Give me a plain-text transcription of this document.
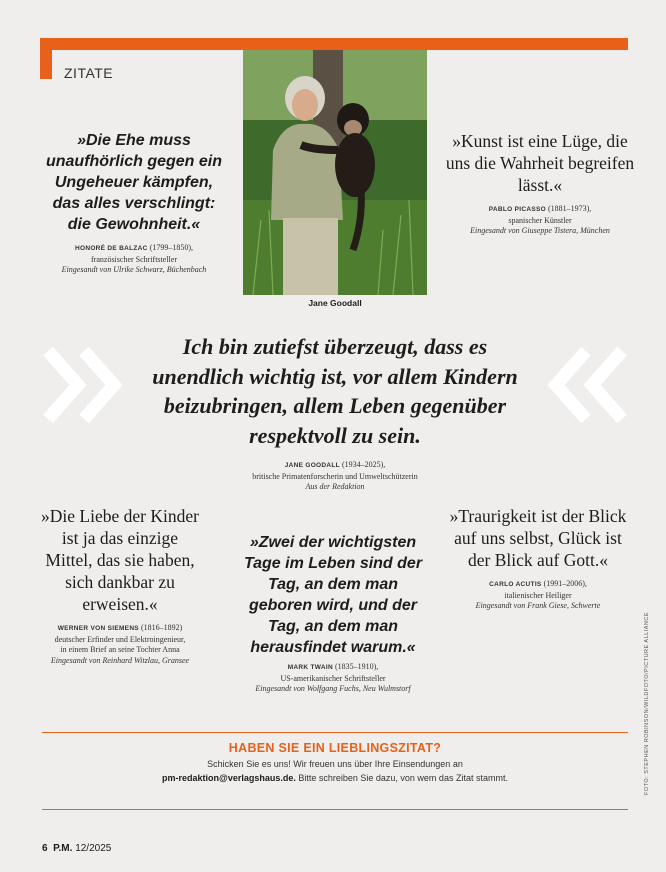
ZITATE
Jane Goodall
»Die Ehe muss unaufhörlich gegen ein Ungeheuer kämpfen, das alles verschlingt: die Gewohnheit.«
HONORÉ DE BALZAC (1799–1850),
französischer Schriftsteller
Eingesandt von Ulrike Schwarz, Büchenbach
»Kunst ist eine Lüge, die uns die Wahrheit begreifen lässt.«
PABLO PICASSO (1881–1973),
spanischer Künstler
Eingesandt von Giuseppe Tistera, München
Ich bin zutiefst überzeugt, dass es unendlich wichtig ist, vor allem Kindern beizubringen, allem Leben gegenüber respektvoll zu sein.
JANE GOODALL (1934–2025),
britische Primatenforscherin und Umweltschützerin
Aus der Redaktion
»Die Liebe der Kinder ist ja das einzige Mittel, das sie haben, sich dankbar zu erweisen.«
WERNER VON SIEMENS (1816–1892)
deutscher Erfinder und Elektroingenieur,
in einem Brief an seine Tochter Anna
Eingesandt von Reinhard Witzlau, Gransee
»Zwei der wichtigsten Tage im Leben sind der Tag, an dem man geboren wird, und der Tag, an dem man herausfindet warum.«
MARK TWAIN (1835–1910),
US-amerikanischer Schriftsteller
Eingesandt von Wolfgang Fuchs, Neu Wulmstorf
»Traurigkeit ist der Blick auf uns selbst, Glück ist der Blick auf Gott.«
CARLO ACUTIS (1991–2006),
italienischer Heiliger
Eingesandt von Frank Giese, Schwerte
HABEN SIE EIN LIEBLINGSZITAT?
Schicken Sie es uns! Wir freuen uns über Ihre Einsendungen an
pm-redaktion@verlagshaus.de. Bitte schreiben Sie dazu, von wem das Zitat stammt.
6 P.M. 12/2025
FOTO: STEPHEN ROBINSON/WILDFOTO/PICTURE ALLIANCE
